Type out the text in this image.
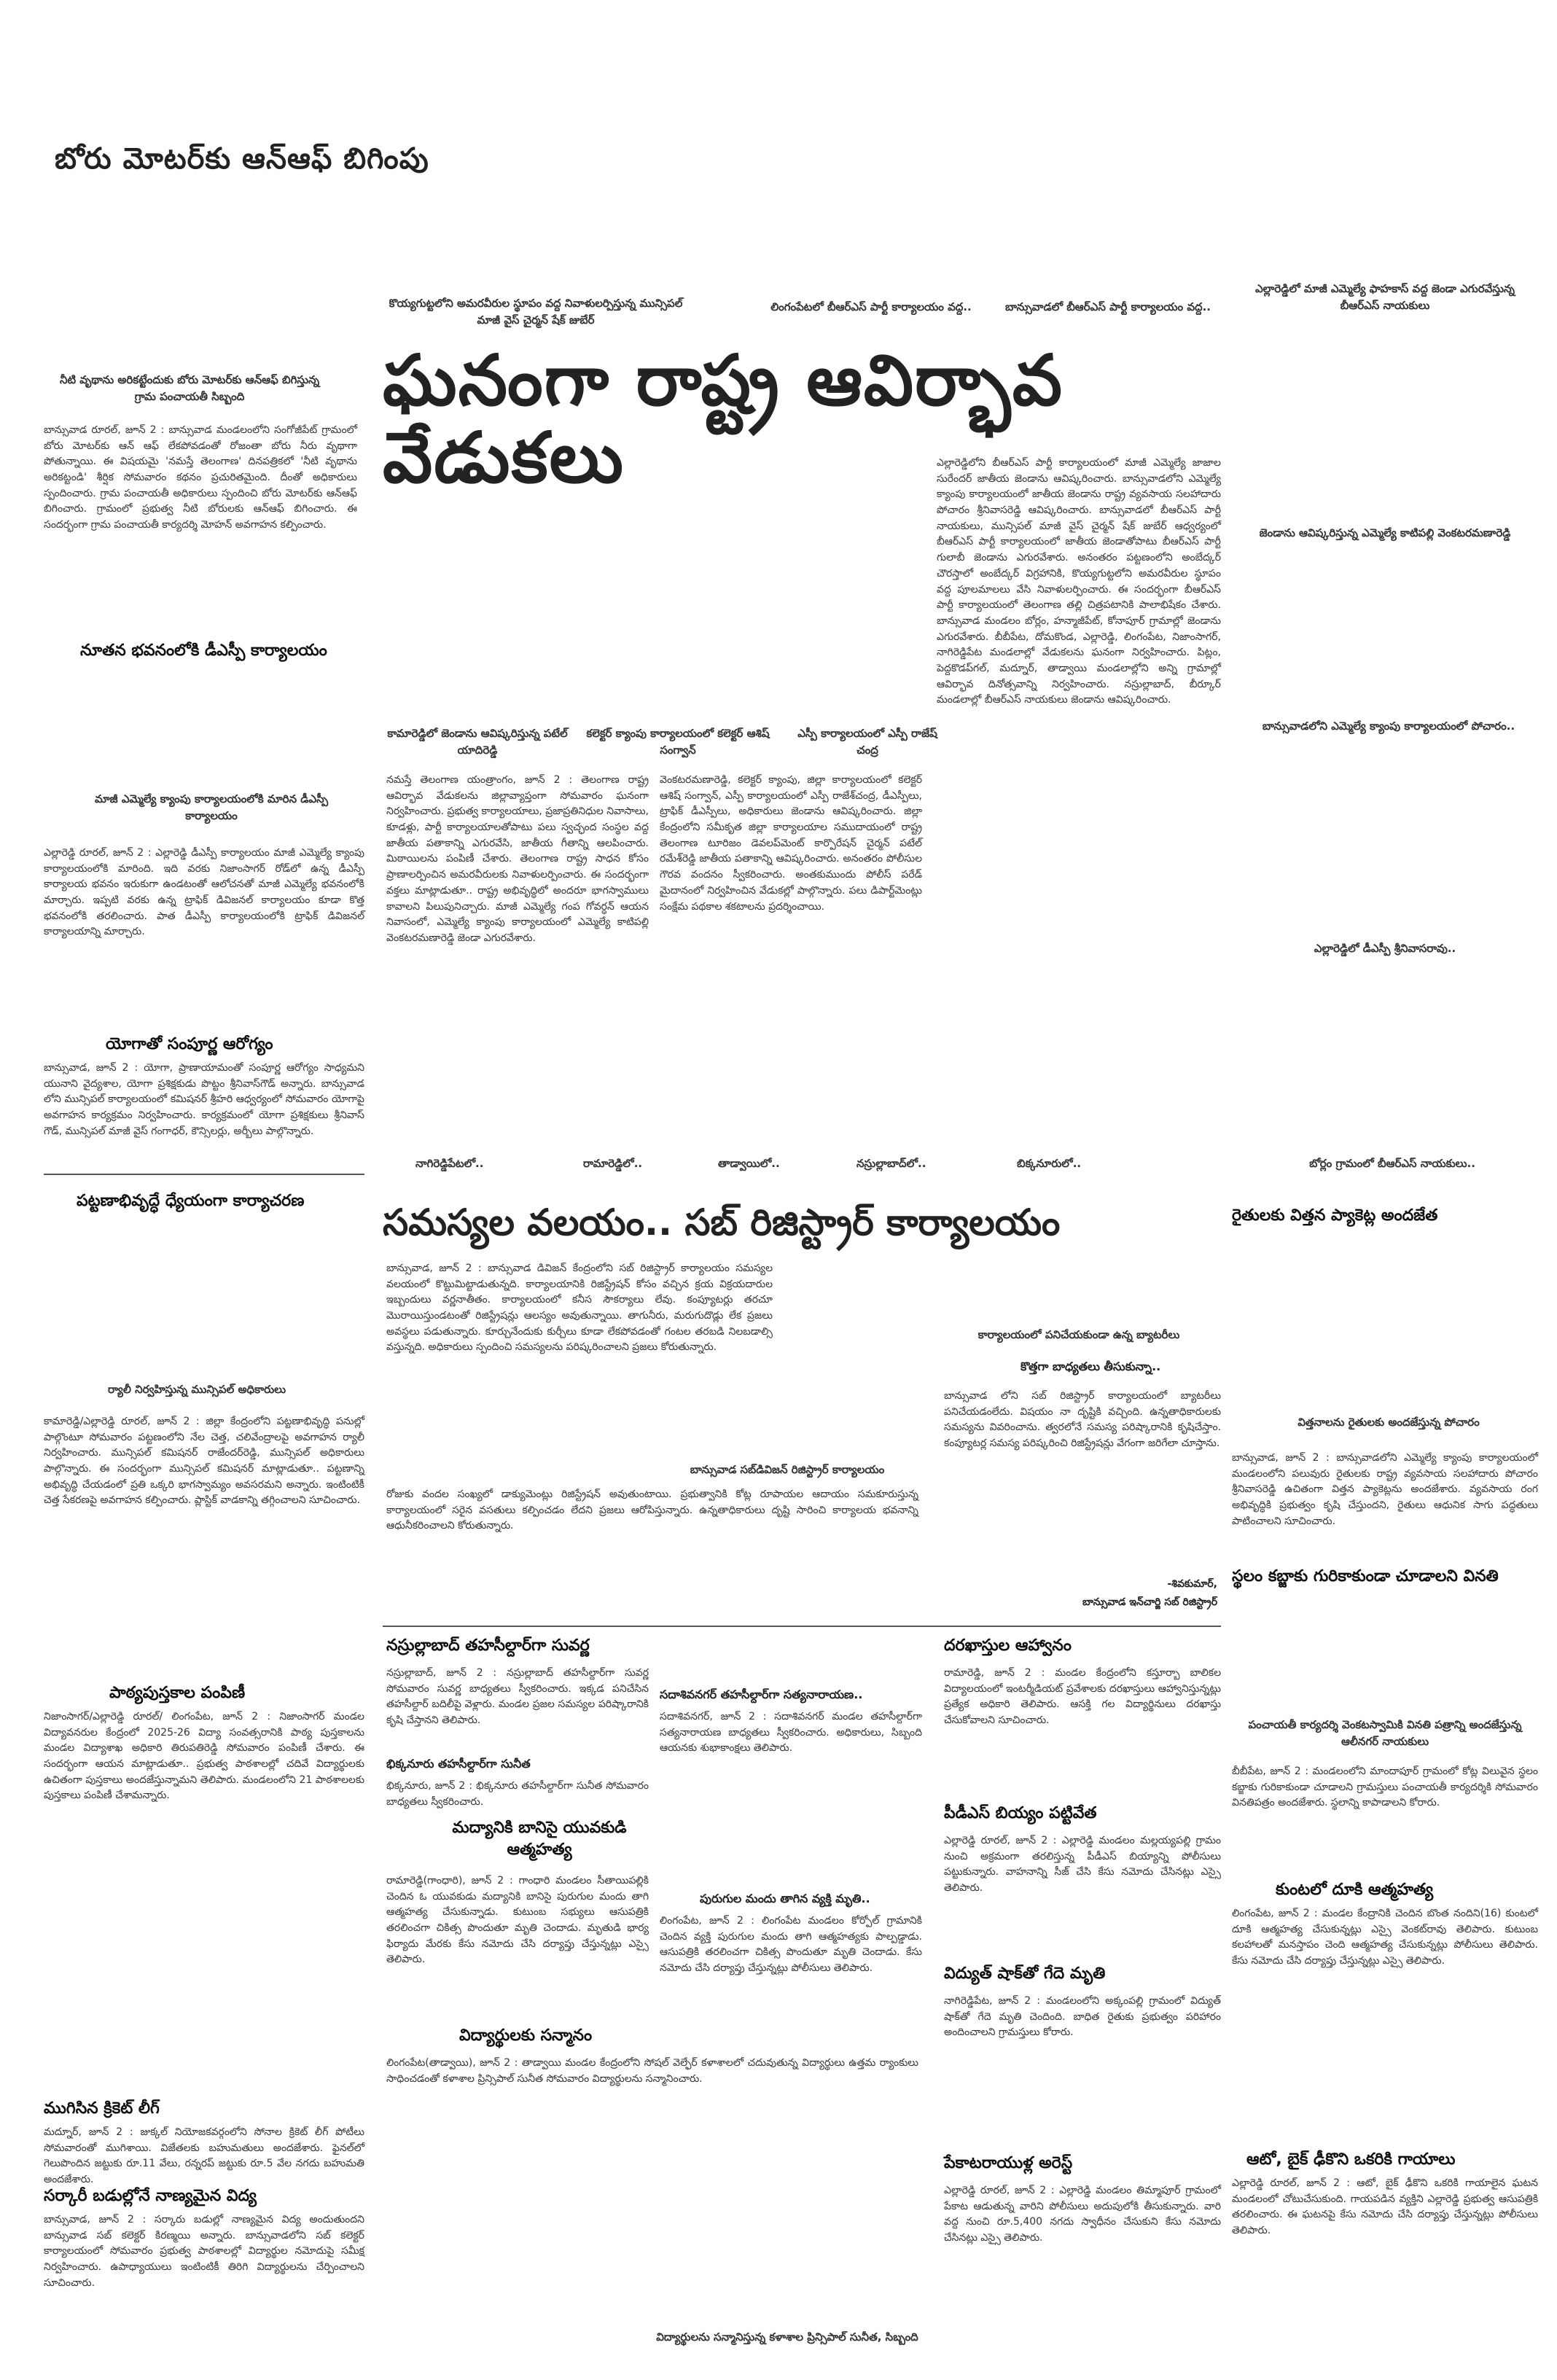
బోరు మోటర్‌కు ఆన్‌ఆఫ్ బిగింపు
కొయ్యగుట్టలోని అమరవీరుల స్థూపం వద్ద నివాళులర్పిస్తున్న మున్సిపల్ మాజీ వైస్ చైర్మన్ షేక్ జుబేర్
లింగంపేటలో బీఆర్ఎస్ పార్టీ కార్యాలయం వద్ద..	బాన్సువాడలో బీఆర్ఎస్ పార్టీ కార్యాలయం వద్ద..
ఎల్లారెడ్డిలో మాజీ ఎమ్మెల్యే ఫాహకాస్ వద్ద జెండా ఎగురవేస్తున్న బీఆర్ఎస్ నాయకులు
ఘనంగా రాష్ట్ర ఆవిర్భావ వేడుకలు
నీటి వృథాను అరికట్టేందుకు బోరు మోటర్‌కు ఆన్‌ఆఫ్ బిగిస్తున్న గ్రామ పంచాయతీ సిబ్బంది
బాన్సువాడ రూరల్, జూన్ 2 : బాన్సువాడ మండలంలోని సంగోజీపేట్ గ్రామంలో బోరు మోటర్‌కు ఆన్ ఆఫ్ లేకపోవడంతో రోజంతా బోరు నీరు వృథాగా పోతున్నాయి. ఈ విషయమై 'నమస్తే తెలంగాణ' దినపత్రికలో 'నీటి వృథాను అరికట్టండి' శీర్షిక సోమవారం కథనం ప్రచురితమైంది. దీంతో అధికారులు స్పందించారు. గ్రామ పంచాయతీ అధికారులు స్పందించి బోరు మోటర్‌కు ఆన్‌ఆఫ్ బిగించారు. గ్రామంలో ప్రభుత్వ నీటి బోరులకు ఆన్‌ఆఫ్ బిగించారు. ఈ సందర్భంగా గ్రామ పంచాయతీ కార్యదర్శి మోహన్ అవగాహన కల్పించారు.
నూతన భవనంలోకి డీఎస్పీ కార్యాలయం
మాజీ ఎమ్మెల్యే క్యాంపు కార్యాలయంలోకి మారిన డీఎస్పీ కార్యాలయం
ఎల్లారెడ్డి రూరల్, జూన్ 2 : ఎల్లారెడ్డి డీఎస్పీ కార్యాలయం మాజీ ఎమ్మెల్యే క్యాంపు కార్యాలయంలోకి మారింది. ఇది వరకు నిజాంసాగర్ రోడ్‌లో ఉన్న డీఎస్పీ కార్యాలయ భవనం ఇరుకుగా ఉండటంతో ఆలోచనతో మాజీ ఎమ్మెల్యే భవనంలోకి మార్చారు. ఇప్పటి వరకు ఉన్న ట్రాఫిక్ డివిజనల్ కార్యాలయం కూడా కొత్త భవనంలోకి తరలించారు. పాత డీఎస్పీ కార్యాలయంలోకి ట్రాఫిక్ డివిజనల్ కార్యాలయాన్ని మార్చారు.
యోగాతో సంపూర్ణ ఆరోగ్యం
బాన్సువాడ, జూన్ 2 : యోగా, ప్రాణాయామంతో సంపూర్ణ ఆరోగ్యం సాధ్యమని యునాని వైద్యశాల, యోగా ప్రశిక్షకుడు పొట్టం శ్రీనివాస్‌గౌడ్ అన్నారు. బాన్సువాడ లోని మున్సిపల్ కార్యాలయంలో కమిషనర్ శ్రీహరి ఆధ్వర్యంలో సోమవారం యోగాపై అవగాహన కార్యక్రమం నిర్వహించారు. కార్యక్రమంలో యోగా ప్రశిక్షకులు శ్రీనివాస్ గౌడ్, మున్సిపల్ మాజీ వైస్ గంగాధర్, కౌన్సిలర్లు, అర్బీలు పాల్గొన్నారు.
పట్టణాభివృద్ధే ధ్యేయంగా కార్యాచరణ
ర్యాలీ నిర్వహిస్తున్న మున్సిపల్ అధికారులు
కామారెడ్డి/ఎల్లారెడ్డి రూరల్, జూన్ 2 : జిల్లా కేంద్రంలోని పట్టణాభివృద్ధి పనుల్లో పాల్గొంటూ సోమవారం పట్టణంలోని నేల చెత్త, చలివేంద్రాలపై అవగాహన ర్యాలీ నిర్వహించారు. మున్సిపల్ కమిషనర్ రాజేందర్‌రెడ్డి, మున్సిపల్ అధికారులు పాల్గొన్నారు. ఈ సందర్భంగా మున్సిపల్ కమిషనర్ మాట్లాడుతూ.. పట్టణాన్ని అభివృద్ధి చేయడంలో ప్రతి ఒక్కరి భాగస్వామ్యం అవసరమని అన్నారు. ఇంటింటికీ చెత్త సేకరణపై అవగాహన కల్పించారు. ప్లాస్టిక్ వాడకాన్ని తగ్గించాలని సూచించారు.
పాఠ్యపుస్తకాల పంపిణీ
నిజాంసాగర్/ఎల్లారెడ్డి రూరల్/ లింగంపేట, జూన్ 2 : నిజాంసాగర్ మండల విద్యావనరుల కేంద్రంలో 2025-26 విద్యా సంవత్సరానికి పాఠ్య పుస్తకాలను మండల విద్యాశాఖ అధికారి తిరుపతిరెడ్డి సోమవారం పంపిణీ చేశారు. ఈ సందర్భంగా ఆయన మాట్లాడుతూ.. ప్రభుత్వ పాఠశాలల్లో చదివే విద్యార్థులకు ఉచితంగా పుస్తకాలు అందజేస్తున్నామని తెలిపారు. మండలంలోని 21 పాఠశాలలకు పుస్తకాలు పంపిణీ చేశామన్నారు.
ముగిసిన క్రికెట్ లీగ్
మద్నూర్, జూన్ 2 : జుక్కల్ నియోజకవర్గంలోని సోనాల క్రికెట్ లీగ్ పోటీలు సోమవారంతో ముగిశాయి. విజేతలకు బహుమతులు అందజేశారు. ఫైనల్‌లో గెలుపొందిన జట్టుకు రూ.11 వేలు, రన్నరప్ జట్టుకు రూ.5 వేల నగదు బహుమతి అందజేశారు.
సర్కారీ బడుల్లోనే నాణ్యమైన విద్య
బాన్సువాడ, జూన్ 2 : సర్కారు బడుల్లో నాణ్యమైన విద్య అందుతుందని బాన్సువాడ సబ్ కలెక్టర్ కిరణ్మయి అన్నారు. బాన్సువాడలోని సబ్ కలెక్టర్ కార్యాలయంలో సోమవారం ప్రభుత్వ పాఠశాలల్లో విద్యార్థుల నమోదుపై సమీక్ష నిర్వహించారు. ఉపాధ్యాయులు ఇంటింటికీ తిరిగి విద్యార్థులను చేర్పించాలని సూచించారు.
కామారెడ్డిలో జెండాను ఆవిష్కరిస్తున్న పటేల్ యాదిరెడ్డి
కలెక్టర్ క్యాంపు కార్యాలయంలో కలెక్టర్ ఆశిష్ సంగ్వాన్
ఎస్పీ కార్యాలయంలో ఎస్పీ రాజేష్ చంద్ర
నమస్తే తెలంగాణ యంత్రాంగం, జూన్ 2 : తెలంగాణ రాష్ట్ర ఆవిర్భావ వేడుకలను జిల్లావ్యాప్తంగా సోమవారం ఘనంగా నిర్వహించారు. ప్రభుత్వ కార్యాలయాలు, ప్రజాప్రతినిధుల నివాసాలు, కూడళ్లు, పార్టీ కార్యాలయాలతోపాటు పలు స్వచ్ఛంద సంస్థల వద్ద జాతీయ పతాకాన్ని ఎగురవేసి, జాతీయ గీతాన్ని ఆలపించారు. మిఠాయిలను పంపిణీ చేశారు. తెలంగాణ రాష్ట్ర సాధన కోసం ప్రాణాలర్పించిన అమరవీరులకు నివాళులర్పించారు. ఈ సందర్భంగా వక్తలు మాట్లాడుతూ.. రాష్ట్ర అభివృద్ధిలో అందరూ భాగస్వాములు కావాలని పిలుపునిచ్చారు. మాజీ ఎమ్మెల్యే గంప గోవర్ధన్ ఆయన నివాసంలో, ఎమ్మెల్యే క్యాంపు కార్యాలయంలో ఎమ్మెల్యే కాటిపల్లి వెంకటరమణారెడ్డి జెండా ఎగురవేశారు.
వెంకటరమణారెడ్డి, కలెక్టర్ క్యాంపు, జిల్లా కార్యాలయంలో కలెక్టర్ ఆశిష్ సంగ్వాన్, ఎస్పీ కార్యాలయంలో ఎస్పీ రాజేశ్‌చంద్ర, డీఎస్పీలు, ట్రాఫిక్ డీఎస్పీలు, అధికారులు జెండాను ఆవిష్కరించారు. జిల్లా కేంద్రంలోని సమీకృత జిల్లా కార్యాలయాల సముదాయంలో రాష్ట్ర తెలంగాణ టూరిజం డెవలప్‌మెంట్ కార్పొరేషన్ చైర్మన్ పటేల్ రమేశ్‌రెడ్డి జాతీయ పతాకాన్ని ఆవిష్కరించారు. అనంతరం పోలీసుల గౌరవ వందనం స్వీకరించారు. అంతకుముందు పోలీస్ పరేడ్ మైదానంలో నిర్వహించిన వేడుకల్లో పాల్గొన్నారు. పలు డిపార్ట్‌మెంట్లు సంక్షేమ పథకాల శకటాలను ప్రదర్శించాయి.
ఎల్లారెడ్డిలోని బీఆర్ఎస్ పార్టీ కార్యాలయంలో మాజీ ఎమ్మెల్యే జాజాల సురేందర్ జాతీయ జెండాను ఆవిష్కరించారు. బాన్సువాడలోని ఎమ్మెల్యే క్యాంపు కార్యాలయంలో జాతీయ జెండాను రాష్ట్ర వ్యవసాయ సలహాదారు పోచారం శ్రీనివాసరెడ్డి ఆవిష్కరించారు. బాన్సువాడలో బీఆర్ఎస్ పార్టీ నాయకులు, మున్సిపల్ మాజీ వైస్ చైర్మన్ షేక్ జుబేర్ ఆధ్వర్యంలో బీఆర్ఎస్ పార్టీ కార్యాలయంలో జాతీయ జెండాతోపాటు బీఆర్ఎస్ పార్టీ గులాబీ జెండాను ఎగురవేశారు. అనంతరం పట్టణంలోని అంబేద్కర్ చౌరస్తాలో అంబేద్కర్ విగ్రహానికి, కొయ్యగుట్టలోని అమరవీరుల స్థూపం వద్ద పూలమాలలు వేసి నివాళులర్పించారు. ఈ సందర్భంగా బీఆర్ఎస్ పార్టీ కార్యాలయంలో తెలంగాణ తల్లి చిత్రపటానికి పాలాభిషేకం చేశారు. బాన్సువాడ మండలం బోర్లం, హన్మాజీపేట్, కోనాపూర్ గ్రామాల్లో జెండాను ఎగురవేశారు. బీబీపేట, దోమకొండ, ఎల్లారెడ్డి, లింగంపేట, నిజాంసాగర్, నాగిరెడ్డిపేట మండలాల్లో వేడుకలను ఘనంగా నిర్వహించారు. పిట్లం, పెద్దకొడప్‌గల్, మద్నూర్, తాడ్వాయి మండలాల్లోని అన్ని గ్రామాల్లో ఆవిర్భావ దినోత్సవాన్ని నిర్వహించారు. నస్రుల్లాబాద్, బీర్కూర్ మండలాల్లో బీఆర్ఎస్ నాయకులు జెండాను ఆవిష్కరించారు.
జెండాను ఆవిష్కరిస్తున్న ఎమ్మెల్యే కాటిపల్లి వెంకటరమణారెడ్డి
బాన్సువాడలోని ఎమ్మెల్యే క్యాంపు కార్యాలయంలో పోచారం..
ఎల్లారెడ్డిలో డీఎస్పీ శ్రీనివాసరావు..
బోర్లం గ్రామంలో బీఆర్ఎస్ నాయకులు..
రైతులకు విత్తన ప్యాకెట్ల అందజేత
విత్తనాలను రైతులకు అందజేస్తున్న పోచారం
బాన్సువాడ, జూన్ 2 : బాన్సువాడలోని ఎమ్మెల్యే క్యాంపు కార్యాలయంలో మండలంలోని పలువురు రైతులకు రాష్ట్ర వ్యవసాయ సలహాదారు పోచారం శ్రీనివాసరెడ్డి ఉచితంగా విత్తన ప్యాకెట్లను అందజేశారు. వ్యవసాయ రంగ అభివృద్ధికి ప్రభుత్వం కృషి చేస్తుందని, రైతులు ఆధునిక సాగు పద్ధతులు పాటించాలని సూచించారు.
స్థలం కబ్జాకు గురికాకుండా చూడాలని వినతి
పంచాయతీ కార్యదర్శి వెంకటస్వామికి వినతి పత్రాన్ని అందజేస్తున్న ఆలీనగర్ నాయకులు
బీబీపేట, జూన్ 2 : మండలంలోని మాందాపూర్ గ్రామంలో కోట్ల విలువైన స్థలం కబ్జాకు గురికాకుండా చూడాలని గ్రామస్తులు పంచాయతీ కార్యదర్శికి సోమవారం వినతిపత్రం అందజేశారు. స్థలాన్ని కాపాడాలని కోరారు.
కుంటలో దూకి ఆత్మహత్య
లింగంపేట, జూన్ 2 : మండల కేంద్రానికి చెందిన బొంత నందిని(16) కుంటలో దూకి ఆత్మహత్య చేసుకున్నట్లు ఎస్సై వెంకట్‌రావు తెలిపారు. కుటుంబ కలహాలతో మనస్తాపం చెంది ఆత్మహత్య చేసుకున్నట్లు పోలీసులు తెలిపారు. కేసు నమోదు చేసి దర్యాప్తు చేస్తున్నట్లు ఎస్సై తెలిపారు.
ఆటో, బైక్ ఢీకొని ఒకరికి గాయాలు
ఎల్లారెడ్డి రూరల్, జూన్ 2 : ఆటో, బైక్ ఢీకొని ఒకరికి గాయాలైన ఘటన మండలంలో చోటుచేసుకుంది. గాయపడిన వ్యక్తిని ఎల్లారెడ్డి ప్రభుత్వ ఆసుపత్రికి తరలించారు. ఈ ఘటనపై కేసు నమోదు చేసి దర్యాప్తు చేస్తున్నట్లు పోలీసులు తెలిపారు.
నాగిరెడ్డిపేటలో..	రామారెడ్డిలో..	తాడ్వాయిలో..	నస్రుల్లాబాద్‌లో..	బిక్కనూరులో..
సమస్యల వలయం.. సబ్ రిజిస్ట్రార్ కార్యాలయం
బాన్సువాడ, జూన్ 2 : బాన్సువాడ డివిజన్ కేంద్రంలోని సబ్ రిజిస్ట్రార్ కార్యాలయం సమస్యల వలయంలో కొట్టుమిట్టాడుతున్నది. కార్యాలయానికి రిజిస్ట్రేషన్ కోసం వచ్చిన క్రయ విక్రయదారుల ఇబ్బందులు వర్ణనాతీతం. కార్యాలయంలో కనీస సౌకర్యాలు లేవు. కంప్యూటర్లు తరచూ మొరాయిస్తుండటంతో రిజిస్ట్రేషన్లు ఆలస్యం అవుతున్నాయి. తాగునీరు, మరుగుదొడ్లు లేక ప్రజలు అవస్థలు పడుతున్నారు. కూర్చునేందుకు కుర్చీలు కూడా లేకపోవడంతో గంటల తరబడి నిలబడాల్సి వస్తున్నది. అధికారులు స్పందించి సమస్యలను పరిష్కరించాలని ప్రజలు కోరుతున్నారు.
కార్యాలయంలో పనిచేయకుండా ఉన్న బ్యాటరీలు
కొత్తగా బాధ్యతలు తీసుకున్నా..
బాన్సువాడ లోని సబ్ రిజిస్ట్రార్ కార్యాలయంలో బ్యాటరీలు పనిచేయడంలేదు. విషయం నా దృష్టికి వచ్చింది. ఉన్నతాధికారులకు సమస్యను వివరించాను. త్వరలోనే సమస్య పరిష్కారానికి కృషిచేస్తాం. కంప్యూటర్ల సమస్య పరిష్కరించి రిజిస్ట్రేషన్లు వేగంగా జరిగేలా చూస్తాను.
-శివకుమార్,
బాన్సువాడ ఇన్‌చార్జి సబ్ రిజిస్ట్రార్
బాన్సువాడ సబ్‌డివిజన్ రిజిస్ట్రార్ కార్యాలయం
రోజుకు వందల సంఖ్యలో డాక్యుమెంట్లు రిజిస్ట్రేషన్ అవుతుంటాయి. ప్రభుత్వానికి కోట్ల రూపాయల ఆదాయం సమకూరుస్తున్న కార్యాలయంలో సరైన వసతులు కల్పించడం లేదని ప్రజలు ఆరోపిస్తున్నారు. ఉన్నతాధికారులు దృష్టి సారించి కార్యాలయ భవనాన్ని ఆధునీకరించాలని కోరుతున్నారు.
నస్రుల్లాబాద్ తహసీల్దార్‌గా సువర్ణ
నస్రుల్లాబాద్, జూన్ 2 : నస్రుల్లాబాద్ తహసీల్దార్‌గా సువర్ణ సోమవారం సువర్ణ బాధ్యతలు స్వీకరించారు. ఇక్కడ పనిచేసిన తహసీల్దార్ బదిలీపై వెళ్లారు. మండల ప్రజల సమస్యల పరిష్కారానికి కృషి చేస్తానని తెలిపారు.
భిక్కనూరు తహసీల్దార్‌గా సునీత
భిక్కనూరు, జూన్ 2 : భిక్కనూరు తహసీల్దార్‌గా సునీత సోమవారం బాధ్యతలు స్వీకరించారు.
సదాశివనగర్ తహసీల్దార్‌గా సత్యనారాయణ..
సదాశివనగర్, జూన్ 2 : సదాశివనగర్ మండల తహసీల్దార్‌గా సత్యనారాయణ బాధ్యతలు స్వీకరించారు. అధికారులు, సిబ్బంది ఆయనకు శుభాకాంక్షలు తెలిపారు.
మద్యానికి బానిసై యువకుడి ఆత్మహత్య
రామారెడ్డి(గాంధారి), జూన్ 2 : గాంధారి మండలం సీతాయిపల్లికి చెందిన ఓ యువకుడు మద్యానికి బానిసై పురుగుల మందు తాగి ఆత్మహత్య చేసుకున్నాడు. కుటుంబ సభ్యులు ఆసుపత్రికి తరలించగా చికిత్స పొందుతూ మృతి చెందాడు. మృతుడి భార్య ఫిర్యాదు మేరకు కేసు నమోదు చేసి దర్యాప్తు చేస్తున్నట్లు ఎస్సై తెలిపారు.
పురుగుల మందు తాగిన వ్యక్తి మృతి..
లింగంపేట, జూన్ 2 : లింగంపేట మండలం కోర్పోల్ గ్రామానికి చెందిన వ్యక్తి పురుగుల మందు తాగి ఆత్మహత్యకు పాల్పడ్డాడు. ఆసుపత్రికి తరలించగా చికిత్స పొందుతూ మృతి చెందాడు. కేసు నమోదు చేసి దర్యాప్తు చేస్తున్నట్లు పోలీసులు తెలిపారు.
విద్యార్థులకు సన్మానం
లింగంపేట(తాడ్వాయి), జూన్ 2 : తాడ్వాయి మండల కేంద్రంలోని సోషల్ వెల్ఫేర్ కళాశాలలో చదువుతున్న విద్యార్థులు ఉత్తమ ర్యాంకులు సాధించడంతో కళాశాల ప్రిన్సిపాల్ సునీత సోమవారం విద్యార్థులను సన్మానించారు.
విద్యార్థులను సన్మానిస్తున్న కళాశాల ప్రిన్సిపాల్ సునీత, సిబ్బంది
దరఖాస్తుల ఆహ్వానం
రామారెడ్డి, జూన్ 2 : మండల కేంద్రంలోని కస్తూర్బా బాలికల విద్యాలయంలో ఇంటర్మీడియట్ ప్రవేశాలకు దరఖాస్తులు ఆహ్వానిస్తున్నట్లు ప్రత్యేక అధికారి తెలిపారు. ఆసక్తి గల విద్యార్థినులు దరఖాస్తు చేసుకోవాలని సూచించారు.
పీడీఎస్ బియ్యం పట్టివేత
ఎల్లారెడ్డి రూరల్, జూన్ 2 : ఎల్లారెడ్డి మండలం మల్లయ్యపల్లి గ్రామం నుంచి అక్రమంగా తరలిస్తున్న పీడీఎస్ బియ్యాన్ని పోలీసులు పట్టుకున్నారు. వాహనాన్ని సీజ్ చేసి కేసు నమోదు చేసినట్లు ఎస్సై తెలిపారు.
విద్యుత్ షాక్‌తో గేదె మృతి
నాగిరెడ్డిపేట, జూన్ 2 : మండలంలోని అక్కంపల్లి గ్రామంలో విద్యుత్ షాక్‌తో గేదె మృతి చెందింది. బాధిత రైతుకు ప్రభుత్వం పరిహారం అందించాలని గ్రామస్తులు కోరారు.
పేకాటరాయుళ్ల అరెస్ట్
ఎల్లారెడ్డి రూరల్, జూన్ 2 : ఎల్లారెడ్డి మండలం తిమ్మాపూర్ గ్రామంలో పేకాట ఆడుతున్న వారిని పోలీసులు అదుపులోకి తీసుకున్నారు. వారి వద్ద నుంచి రూ.5,400 నగదు స్వాధీనం చేసుకుని కేసు నమోదు చేసినట్లు ఎస్సై తెలిపారు.
